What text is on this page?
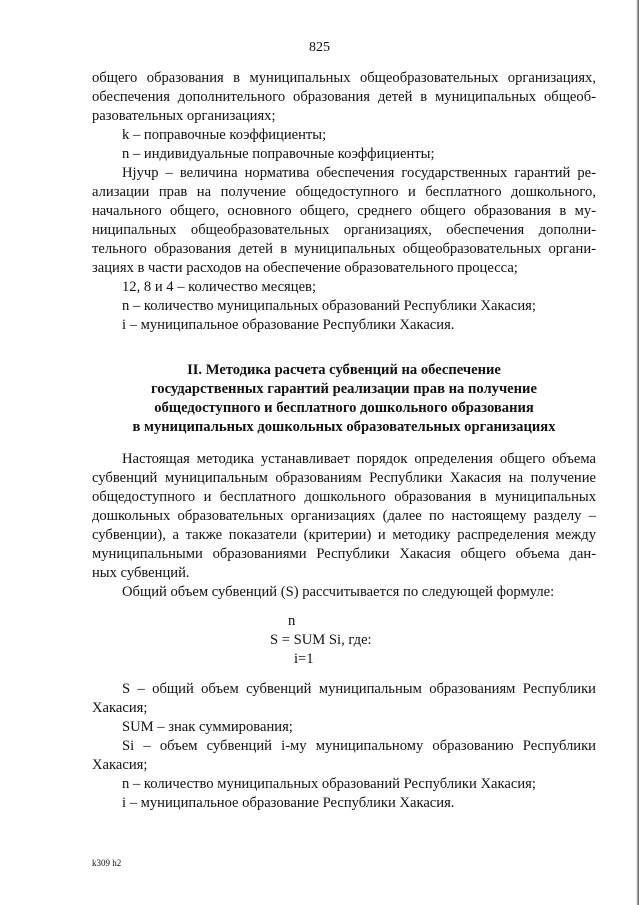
825
общего образования в муниципальных общеобразовательных организациях,
обеспечения дополнительного образования детей в муниципальных общеоб-
разовательных организациях;
k – поправочные коэффициенты;
n – индивидуальные поправочные коэффициенты;
Нјучр – величина норматива обеспечения государственных гарантий ре-
ализации прав на получение общедоступного и бесплатного дошкольного,
начального общего, основного общего, среднего общего образования в му-
ниципальных общеобразовательных организациях, обеспечения дополни-
тельного образования детей в муниципальных общеобразовательных органи-
зациях в части расходов на обеспечение образовательного процесса;
12, 8 и 4 – количество месяцев;
n – количество муниципальных образований Республики Хакасия;
i – муниципальное образование Республики Хакасия.
II. Методика расчета субвенций на обеспечение
государственных гарантий реализации прав на получение
общедоступного и бесплатного дошкольного образования
в муниципальных дошкольных образовательных организациях
Настоящая методика устанавливает порядок определения общего объема
субвенций муниципальным образованиям Республики Хакасия на получение
общедоступного и бесплатного дошкольного образования в муниципальных
дошкольных образовательных организациях (далее по настоящему разделу –
субвенции), а также показатели (критерии) и методику распределения между
муниципальными образованиями Республики Хакасия общего объема дан-
ных субвенций.
Общий объем субвенций (S) рассчитывается по следующей формуле:
n
S = SUM Si, где:
i=1
S – общий объем субвенций муниципальным образованиям Республики
Хакасия;
SUM – знак суммирования;
Si – объем субвенций i-му муниципальному образованию Республики
Хакасия;
n – количество муниципальных образований Республики Хакасия;
i – муниципальное образование Республики Хакасия.
k309 h2
